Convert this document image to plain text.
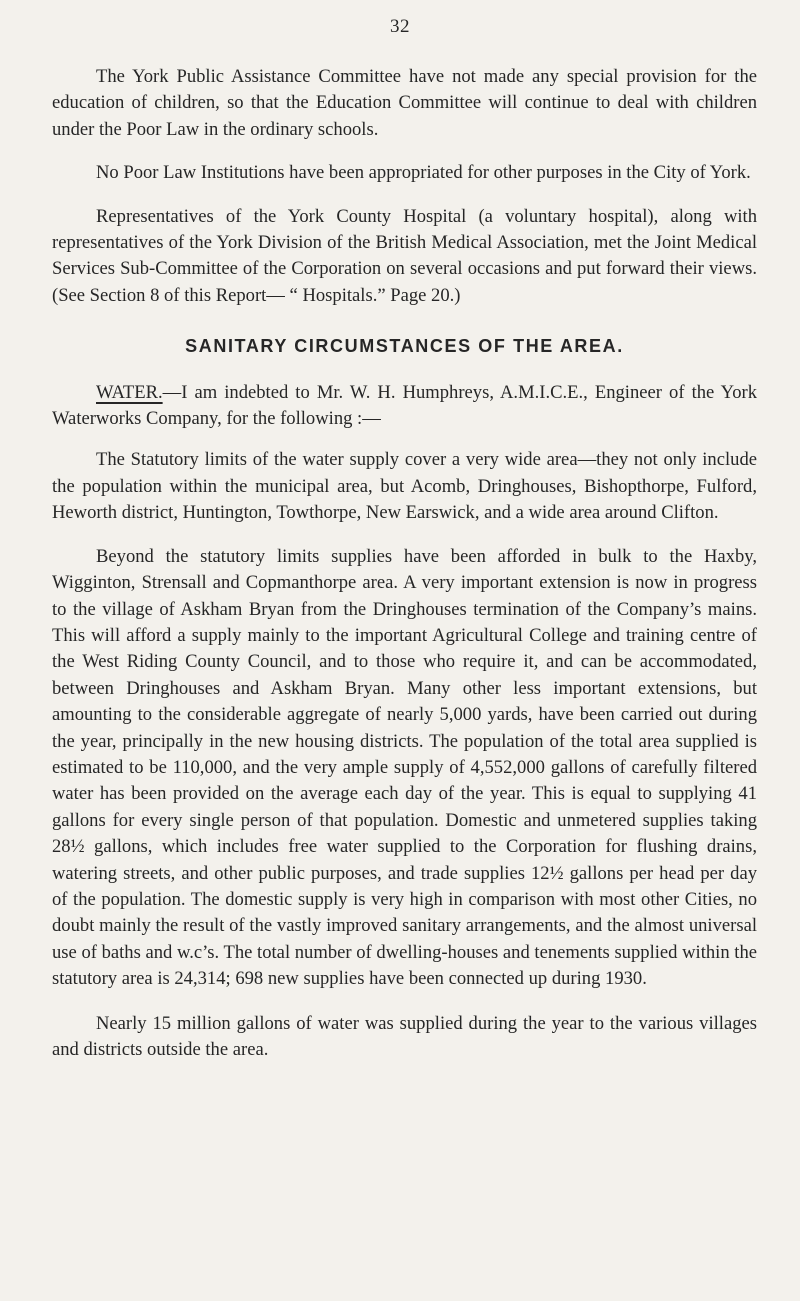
32

The York Public Assistance Committee have not made any special provision for the education of children, so that the Education Committee will continue to deal with children under the Poor Law in the ordinary schools.

No Poor Law Institutions have been appropriated for other purposes in the City of York.

Representatives of the York County Hospital (a voluntary hospital), along with representatives of the York Division of the British Medical Association, met the Joint Medical Services Sub-Committee of the Corporation on several occasions and put forward their views. (See Section 8 of this Report— “ Hospitals.” Page 20.)

SANITARY CIRCUMSTANCES OF THE AREA.

WATER.—I am indebted to Mr. W. H. Humphreys, A.M.I.C.E., Engineer of the York Waterworks Company, for the following :—

The Statutory limits of the water supply cover a very wide area—they not only include the population within the municipal area, but Acomb, Dringhouses, Bishopthorpe, Fulford, Heworth district, Huntington, Towthorpe, New Earswick, and a wide area around Clifton.

Beyond the statutory limits supplies have been afforded in bulk to the Haxby, Wigginton, Strensall and Copmanthorpe area. A very important extension is now in progress to the village of Askham Bryan from the Dringhouses termination of the Company’s mains. This will afford a supply mainly to the important Agricultural College and training centre of the West Riding County Council, and to those who require it, and can be accommodated, between Dringhouses and Askham Bryan. Many other less important extensions, but amounting to the considerable aggregate of nearly 5,000 yards, have been carried out during the year, principally in the new housing districts. The population of the total area supplied is estimated to be 110,000, and the very ample supply of 4,552,000 gallons of carefully filtered water has been provided on the average each day of the year. This is equal to supplying 41 gallons for every single person of that population. Domestic and unmetered supplies taking 28½ gallons, which includes free water supplied to the Corporation for flushing drains, watering streets, and other public purposes, and trade supplies 12½ gallons per head per day of the population. The domestic supply is very high in comparison with most other Cities, no doubt mainly the result of the vastly improved sanitary arrangements, and the almost universal use of baths and w.c’s. The total number of dwelling-houses and tenements supplied within the statutory area is 24,314; 698 new supplies have been connected up during 1930.

Nearly 15 million gallons of water was supplied during the year to the various villages and districts outside the area.
